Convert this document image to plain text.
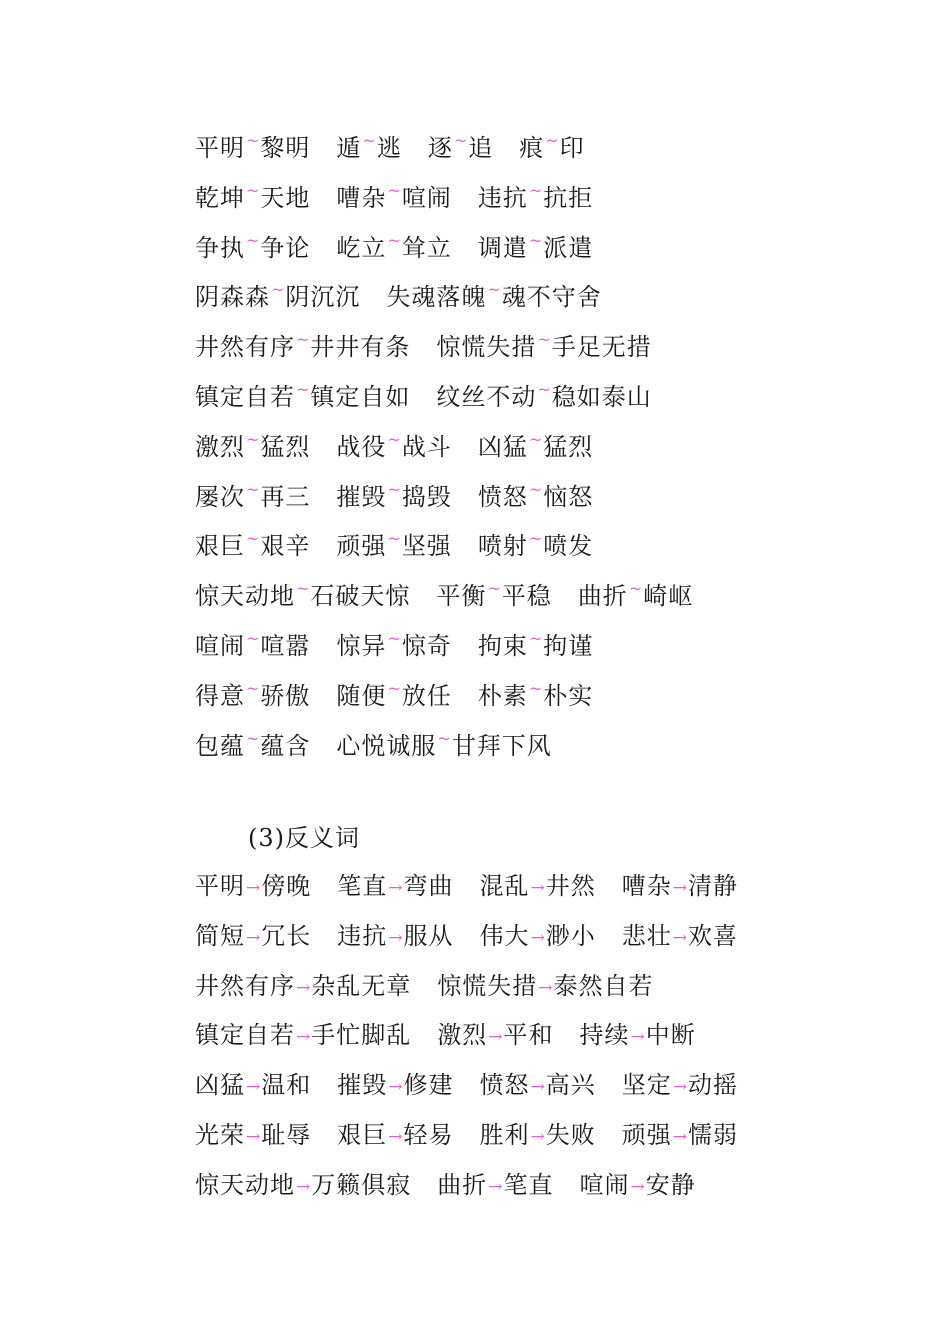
平明~黎明 遁~逃 逐~追 痕~印
乾坤~天地 嘈杂~喧闹 违抗~抗拒
争执~争论 屹立~耸立 调遣~派遣
阴森森~阴沉沉 失魂落魄~魂不守舍
井然有序~井井有条 惊慌失措~手足无措
镇定自若~镇定自如 纹丝不动~稳如泰山
激烈~猛烈 战役~战斗 凶猛~猛烈
屡次~再三 摧毁~捣毁 愤怒~恼怒
艰巨~艰辛 顽强~坚强 喷射~喷发
惊天动地~石破天惊 平衡~平稳 曲折~崎岖
喧闹~喧嚣 惊异~惊奇 拘束~拘谨
得意~骄傲 随便~放任 朴素~朴实
包蕴~蕴含 心悦诚服~甘拜下风
(3)反义词
平明→傍晚 笔直→弯曲 混乱→井然 嘈杂→清静
简短→冗长 违抗→服从 伟大→渺小 悲壮→欢喜
井然有序→杂乱无章 惊慌失措→泰然自若
镇定自若→手忙脚乱 激烈→平和 持续→中断
凶猛→温和 摧毁→修建 愤怒→高兴 坚定→动摇
光荣→耻辱 艰巨→轻易 胜利→失败 顽强→懦弱
惊天动地→万籁俱寂 曲折→笔直 喧闹→安静
